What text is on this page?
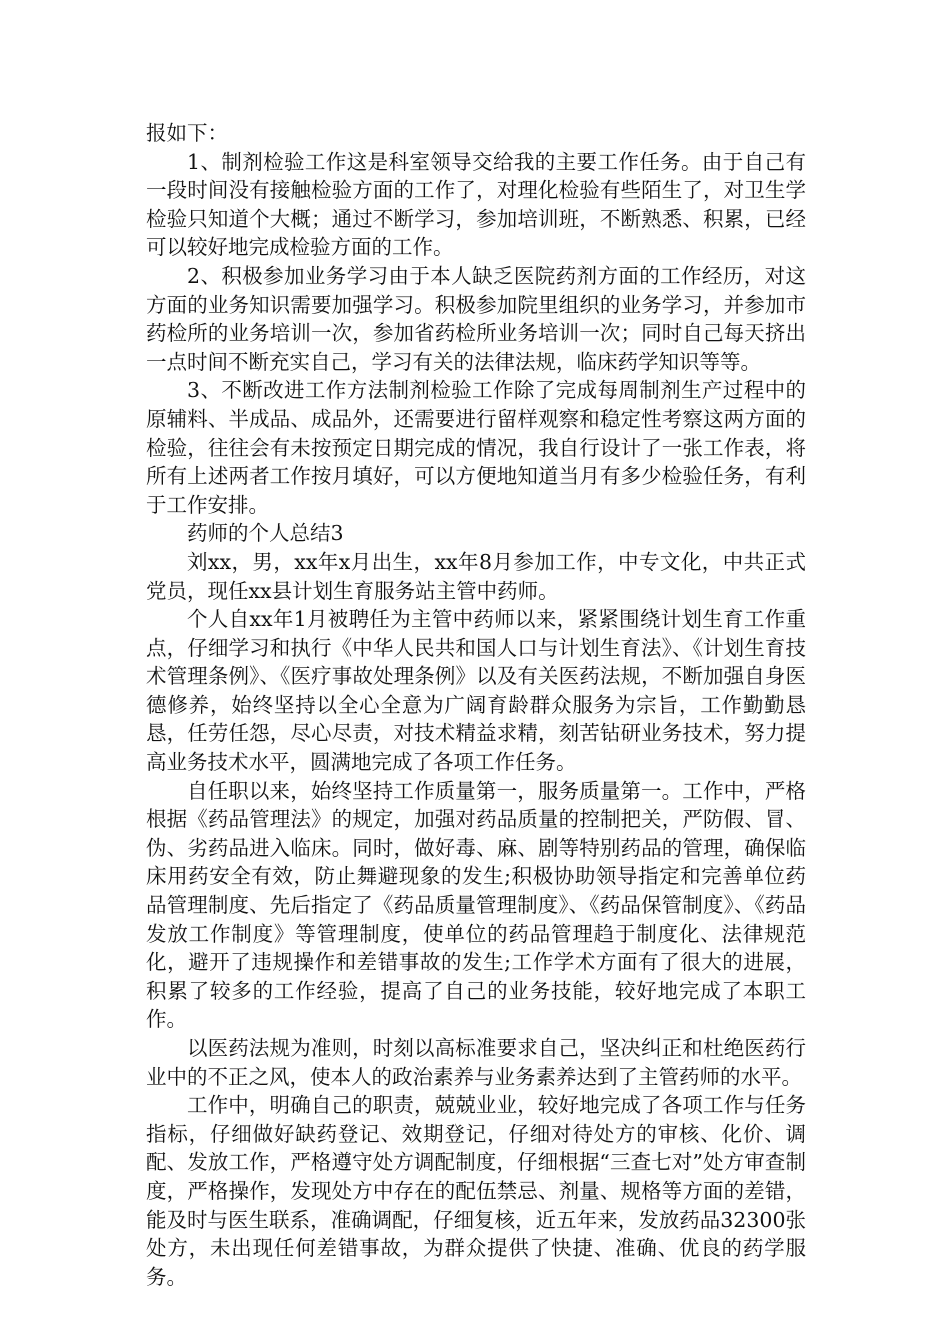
报如下：

1、制剂检验工作这是科室领导交给我的主要工作任务。由于自己有一段时间没有接触检验方面的工作了，对理化检验有些陌生了，对卫生学检验只知道个大概；通过不断学习，参加培训班，不断熟悉、积累，已经可以较好地完成检验方面的工作。

2、积极参加业务学习由于本人缺乏医院药剂方面的工作经历，对这方面的业务知识需要加强学习。积极参加院里组织的业务学习，并参加市药检所的业务培训一次，参加省药检所业务培训一次；同时自己每天挤出一点时间不断充实自己，学习有关的法律法规，临床药学知识等等。

3、不断改进工作方法制剂检验工作除了完成每周制剂生产过程中的原辅料、半成品、成品外，还需要进行留样观察和稳定性考察这两方面的检验，往往会有未按预定日期完成的情况，我自行设计了一张工作表，将所有上述两者工作按月填好，可以方便地知道当月有多少检验任务，有利于工作安排。

药师的个人总结3

刘xx，男，xx年x月出生，xx年8月参加工作，中专文化，中共正式党员，现任xx县计划生育服务站主管中药师。

个人自xx年1月被聘任为主管中药师以来，紧紧围绕计划生育工作重点，仔细学习和执行《中华人民共和国人口与计划生育法》、《计划生育技术管理条例》、《医疗事故处理条例》以及有关医药法规，不断加强自身医德修养，始终坚持以全心全意为广阔育龄群众服务为宗旨，工作勤勤恳恳，任劳任怨，尽心尽责，对技术精益求精，刻苦钻研业务技术，努力提高业务技术水平，圆满地完成了各项工作任务。

自任职以来，始终坚持工作质量第一，服务质量第一。工作中，严格根据《药品管理法》的规定，加强对药品质量的控制把关，严防假、冒、伪、劣药品进入临床。同时，做好毒、麻、剧等特别药品的管理，确保临床用药安全有效，防止舞避现象的发生;积极协助领导指定和完善单位药品管理制度、先后指定了《药品质量管理制度》、《药品保管制度》、《药品发放工作制度》等管理制度，使单位的药品管理趋于制度化、法律规范化，避开了违规操作和差错事故的发生;工作学术方面有了很大的进展，积累了较多的工作经验，提高了自己的业务技能，较好地完成了本职工作。

以医药法规为准则，时刻以高标准要求自己，坚决纠正和杜绝医药行业中的不正之风，使本人的政治素养与业务素养达到了主管药师的水平。

工作中，明确自己的职责，兢兢业业，较好地完成了各项工作与任务指标，仔细做好缺药登记、效期登记，仔细对待处方的审核、化价、调配、发放工作，严格遵守处方调配制度，仔细根据“三查七对”处方审查制度，严格操作，发现处方中存在的配伍禁忌、剂量、规格等方面的差错，能及时与医生联系，准确调配，仔细复核，近五年来，发放药品32300张处方，未出现任何差错事故，为群众提供了快捷、准确、优良的药学服务。
